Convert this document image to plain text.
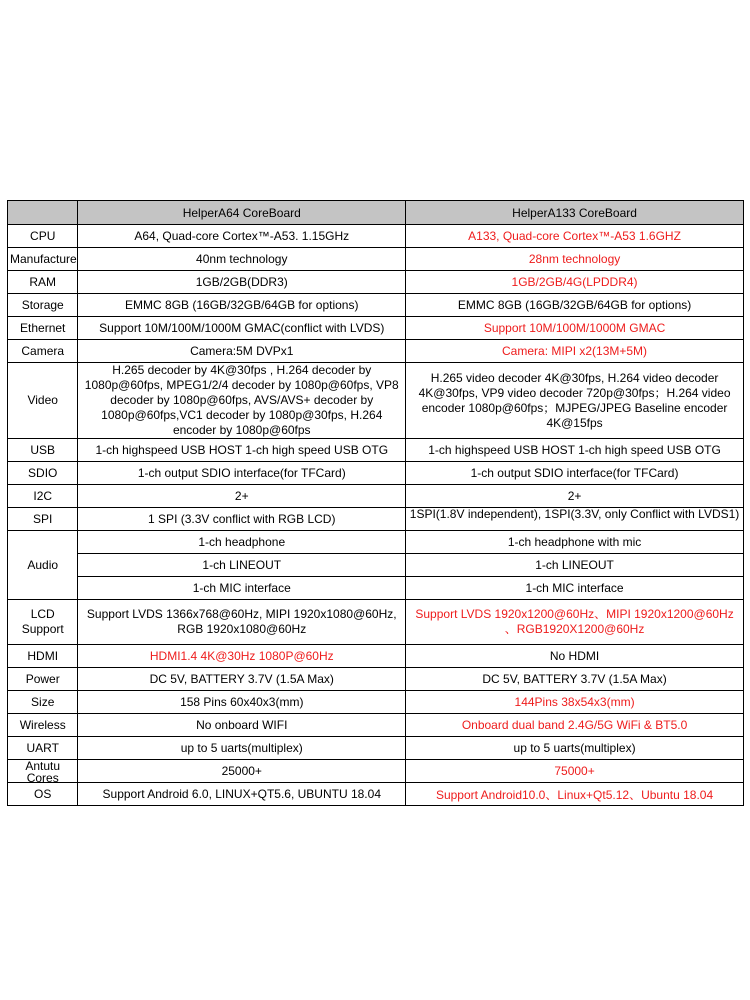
	HelperA64 CoreBoard	HelperA133 CoreBoard
CPU	A64, Quad-core Cortex™-A53. 1.15GHz	A133, Quad-core Cortex™-A53 1.6GHZ
Manufacture	40nm technology	28nm technology
RAM	1GB/2GB(DDR3)	1GB/2GB/4G(LPDDR4)
Storage	EMMC 8GB (16GB/32GB/64GB for options)	EMMC 8GB (16GB/32GB/64GB for options)
Ethernet	Support 10M/100M/1000M GMAC(conflict with LVDS)	Support 10M/100M/1000M GMAC
Camera	Camera:5M DVPx1	Camera: MIPI x2(13M+5M)
Video	H.265 decoder by 4K@30fps , H.264 decoder by 1080p@60fps, MPEG1/2/4 decoder by 1080p@60fps, VP8 decoder by 1080p@60fps, AVS/AVS+ decoder by 1080p@60fps,VC1 decoder by 1080p@30fps, H.264 encoder by 1080p@60fps	H.265 video decoder 4K@30fps, H.264 video decoder 4K@30fps, VP9 video decoder 720p@30fps；H.264 video encoder 1080p@60fps；MJPEG/JPEG Baseline encoder 4K@15fps
USB	1-ch highspeed USB HOST 1-ch high speed USB OTG	1-ch highspeed USB HOST 1-ch high speed USB OTG
SDIO	1-ch output SDIO interface(for TFCard)	1-ch output SDIO interface(for TFCard)
I2C	2+	2+
SPI	1 SPI (3.3V conflict with RGB LCD)	1SPI(1.8V independent), 1SPI(3.3V, only Conflict with LVDS1)

Audio	1-ch headphone	1-ch headphone with mic
	1-ch LINEOUT	1-ch LINEOUT
	1-ch MIC interface	1-ch MIC interface
LCD Support	Support LVDS 1366x768@60Hz, MIPI 1920x1080@60Hz, RGB 1920x1080@60Hz	Support LVDS 1920x1200@60Hz、MIPI 1920x1200@60Hz 、RGB1920X1200@60Hz
HDMI	HDMI1.4 4K@30Hz 1080P@60Hz	No HDMI
Power	DC 5V, BATTERY 3.7V (1.5A Max)	DC 5V, BATTERY 3.7V (1.5A Max)
Size	158 Pins 60x40x3(mm)	144Pins 38x54x3(mm)
Wireless	No onboard WIFI	Onboard dual band 2.4G/5G WiFi & BT5.0
UART	up to 5 uarts(multiplex)	up to 5 uarts(multiplex)

Antutu Cores	25000+	75000+
OS	Support Android 6.0, LINUX+QT5.6, UBUNTU 18.04	Support Android10.0、Linux+Qt5.12、Ubuntu 18.04
